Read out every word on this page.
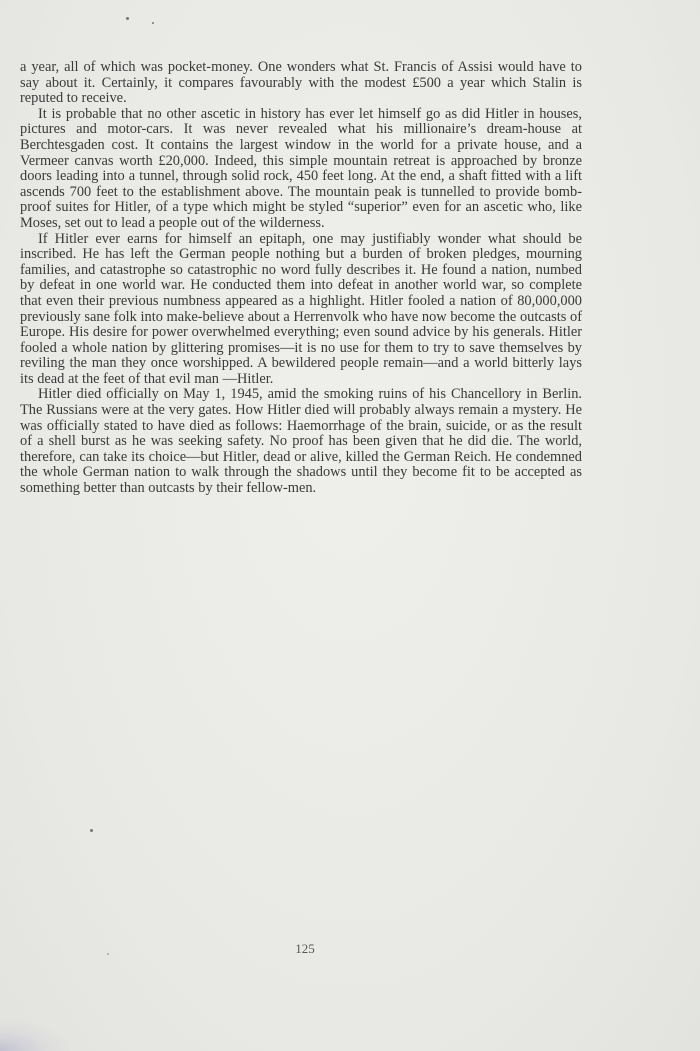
a year, all of which was pocket-money. One wonders what St. Francis of Assisi would have to say about it. Certainly, it compares favourably with the modest £500 a year which Stalin is reputed to receive.

It is probable that no other ascetic in history has ever let himself go as did Hitler in houses, pictures and motor-cars. It was never revealed what his millionaire’s dream-house at Berchtesgaden cost. It contains the largest window in the world for a private house, and a Vermeer canvas worth £20,000. Indeed, this simple mountain retreat is approached by bronze doors leading into a tunnel, through solid rock, 450 feet long. At the end, a shaft fitted with a lift ascends 700 feet to the establishment above. The mountain peak is tunnelled to provide bomb-proof suites for Hitler, of a type which might be styled “superior” even for an ascetic who, like Moses, set out to lead a people out of the wilderness.

If Hitler ever earns for himself an epitaph, one may justifiably wonder what should be inscribed. He has left the German people nothing but a burden of broken pledges, mourning families, and catastrophe so catastrophic no word fully describes it. He found a nation, numbed by defeat in one world war. He conducted them into defeat in another world war, so complete that even their previous numbness appeared as a highlight. Hitler fooled a nation of 80,000,000 previously sane folk into make-believe about a Herrenvolk who have now become the outcasts of Europe. His desire for power overwhelmed everything; even sound advice by his generals. Hitler fooled a whole nation by glittering promises—it is no use for them to try to save themselves by reviling the man they once worshipped. A bewildered people remain—and a world bitterly lays its dead at the feet of that evil man —Hitler.

Hitler died officially on May 1, 1945, amid the smoking ruins of his Chancellory in Berlin. The Russians were at the very gates. How Hitler died will probably always remain a mystery. He was officially stated to have died as follows: Haemorrhage of the brain, suicide, or as the result of a shell burst as he was seeking safety. No proof has been given that he did die. The world, therefore, can take its choice—but Hitler, dead or alive, killed the German Reich. He condemned the whole German nation to walk through the shadows until they become fit to be accepted as something better than outcasts by their fellow-men.

125
